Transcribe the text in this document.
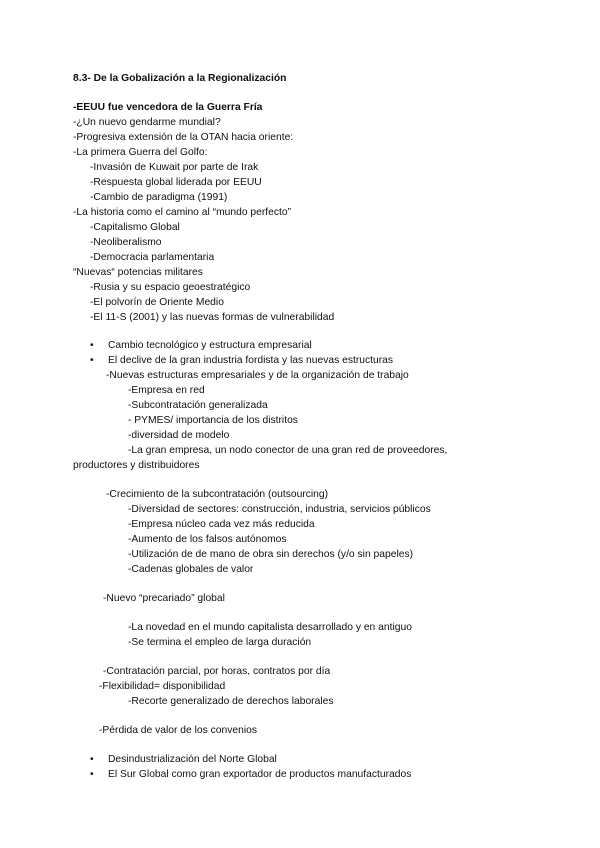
8.3- De la Gobalización a la Regionalización
-EEUU fue vencedora de la Guerra Fría
-¿Un nuevo gendarme mundial?
-Progresiva extensión de la OTAN hacia oriente:
-La primera Guerra del Golfo:
-Invasión de Kuwait por parte de Irak
-Respuesta global liderada por EEUU
-Cambio de paradigma (1991)
-La historia como el camino al “mundo perfecto”
-Capitalismo Global
-Neoliberalismo
-Democracia parlamentaria
“Nuevas“ potencias militares
-Rusia y su espacio geoestratégico
-El polvorín de Oriente Medio
-El 11-S (2001) y las nuevas formas de vulnerabilidad
• Cambio tecnológico y estructura empresarial
• El declive de la gran industria fordista y las nuevas estructuras
-Nuevas estructuras empresariales y de la organización de trabajo
-Empresa en red
-Subcontratación generalizada
- PYMES/ importancia de los distritos
-diversidad de modelo
-La gran empresa, un nodo conector de una gran red de proveedores,
productores y distribuidores
-Crecimiento de la subcontratación (outsourcing)
-Diversidad de sectores: construcción, industria, servicios públicos
-Empresa núcleo cada vez más reducida
-Aumento de los falsos autónomos
-Utilización de de mano de obra sin derechos (y/o sin papeles)
-Cadenas globales de valor
-Nuevo “precariado” global
-La novedad en el mundo capitalista desarrollado y en antiguo
-Se termina el empleo de larga duración
-Contratación parcial, por horas, contratos por día
-Flexibilidad= disponibilidad
-Recorte generalizado de derechos laborales
-Pérdida de valor de los convenios
• Desindustrialización del Norte Global
• El Sur Global como gran exportador de productos manufacturados
